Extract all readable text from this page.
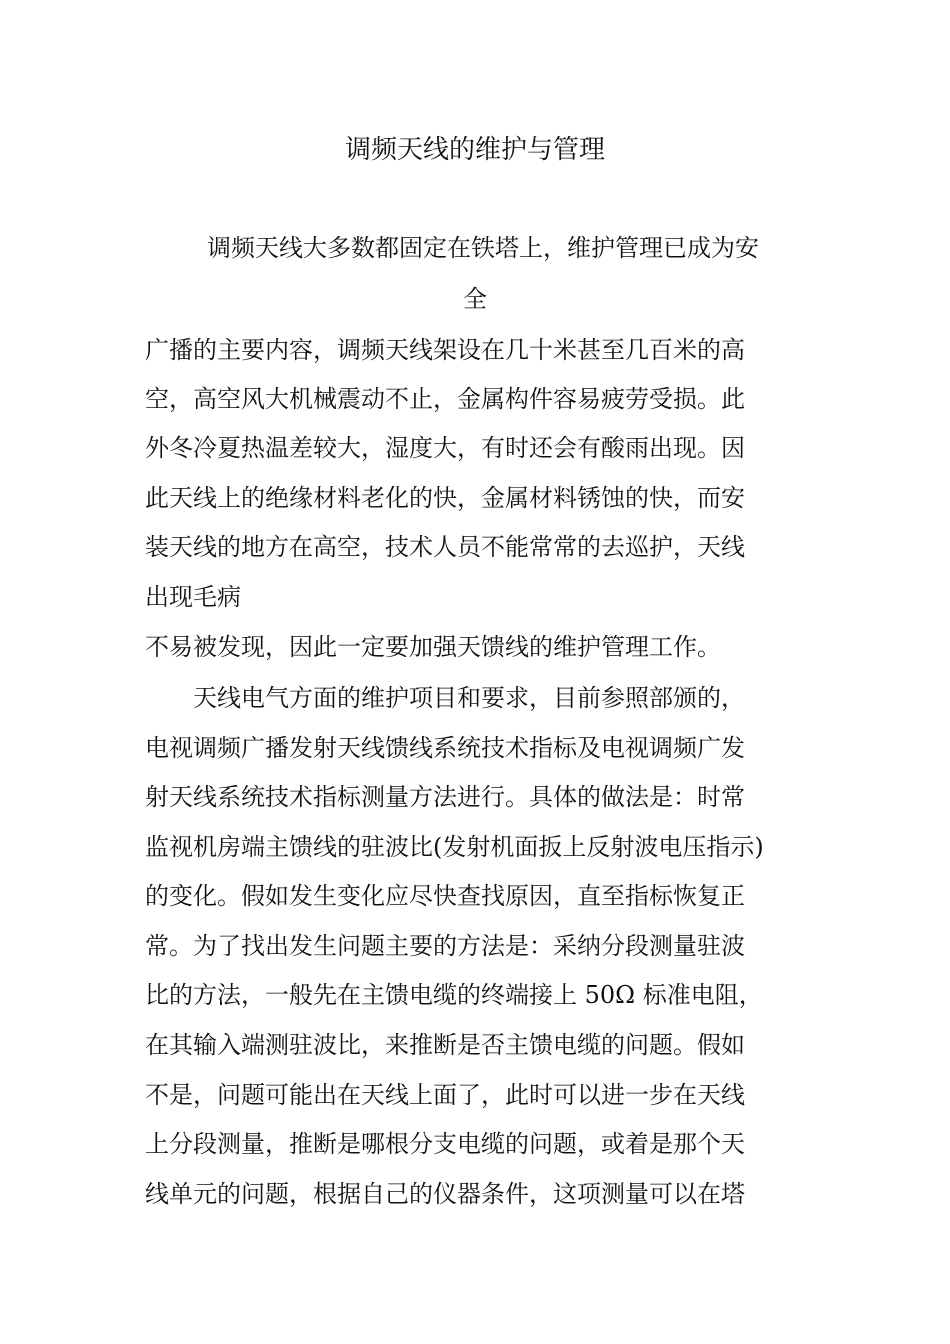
调频天线的维护与管理
调频天线大多数都固定在铁塔上，维护管理已成为安
全
广播的主要内容，调频天线架设在几十米甚至几百米的高
空，高空风大机械震动不止，金属构件容易疲劳受损。此
外冬冷夏热温差较大，湿度大，有时还会有酸雨出现。因
此天线上的绝缘材料老化的快，金属材料锈蚀的快，而安
装天线的地方在高空，技术人员不能常常的去巡护，天线
出现毛病
不易被发现，因此一定要加强天馈线的维护管理工作。
天线电气方面的维护项目和要求，目前参照部颁的，
电视调频广播发射天线馈线系统技术指标及电视调频广发
射天线系统技术指标测量方法进行。具体的做法是：时常
监视机房端主馈线的驻波比(发射机面扳上反射波电压指示)
的变化。假如发生变化应尽快查找原因，直至指标恢复正
常。为了找出发生问题主要的方法是：采纳分段测量驻波
比的方法，一般先在主馈电缆的终端接上 50Ω 标准电阻，
在其输入端测驻波比，来推断是否主馈电缆的问题。假如
不是，问题可能出在天线上面了，此时可以进一步在天线
上分段测量，推断是哪根分支电缆的问题，或着是那个天
线单元的问题，根据自己的仪器条件，这项测量可以在塔
